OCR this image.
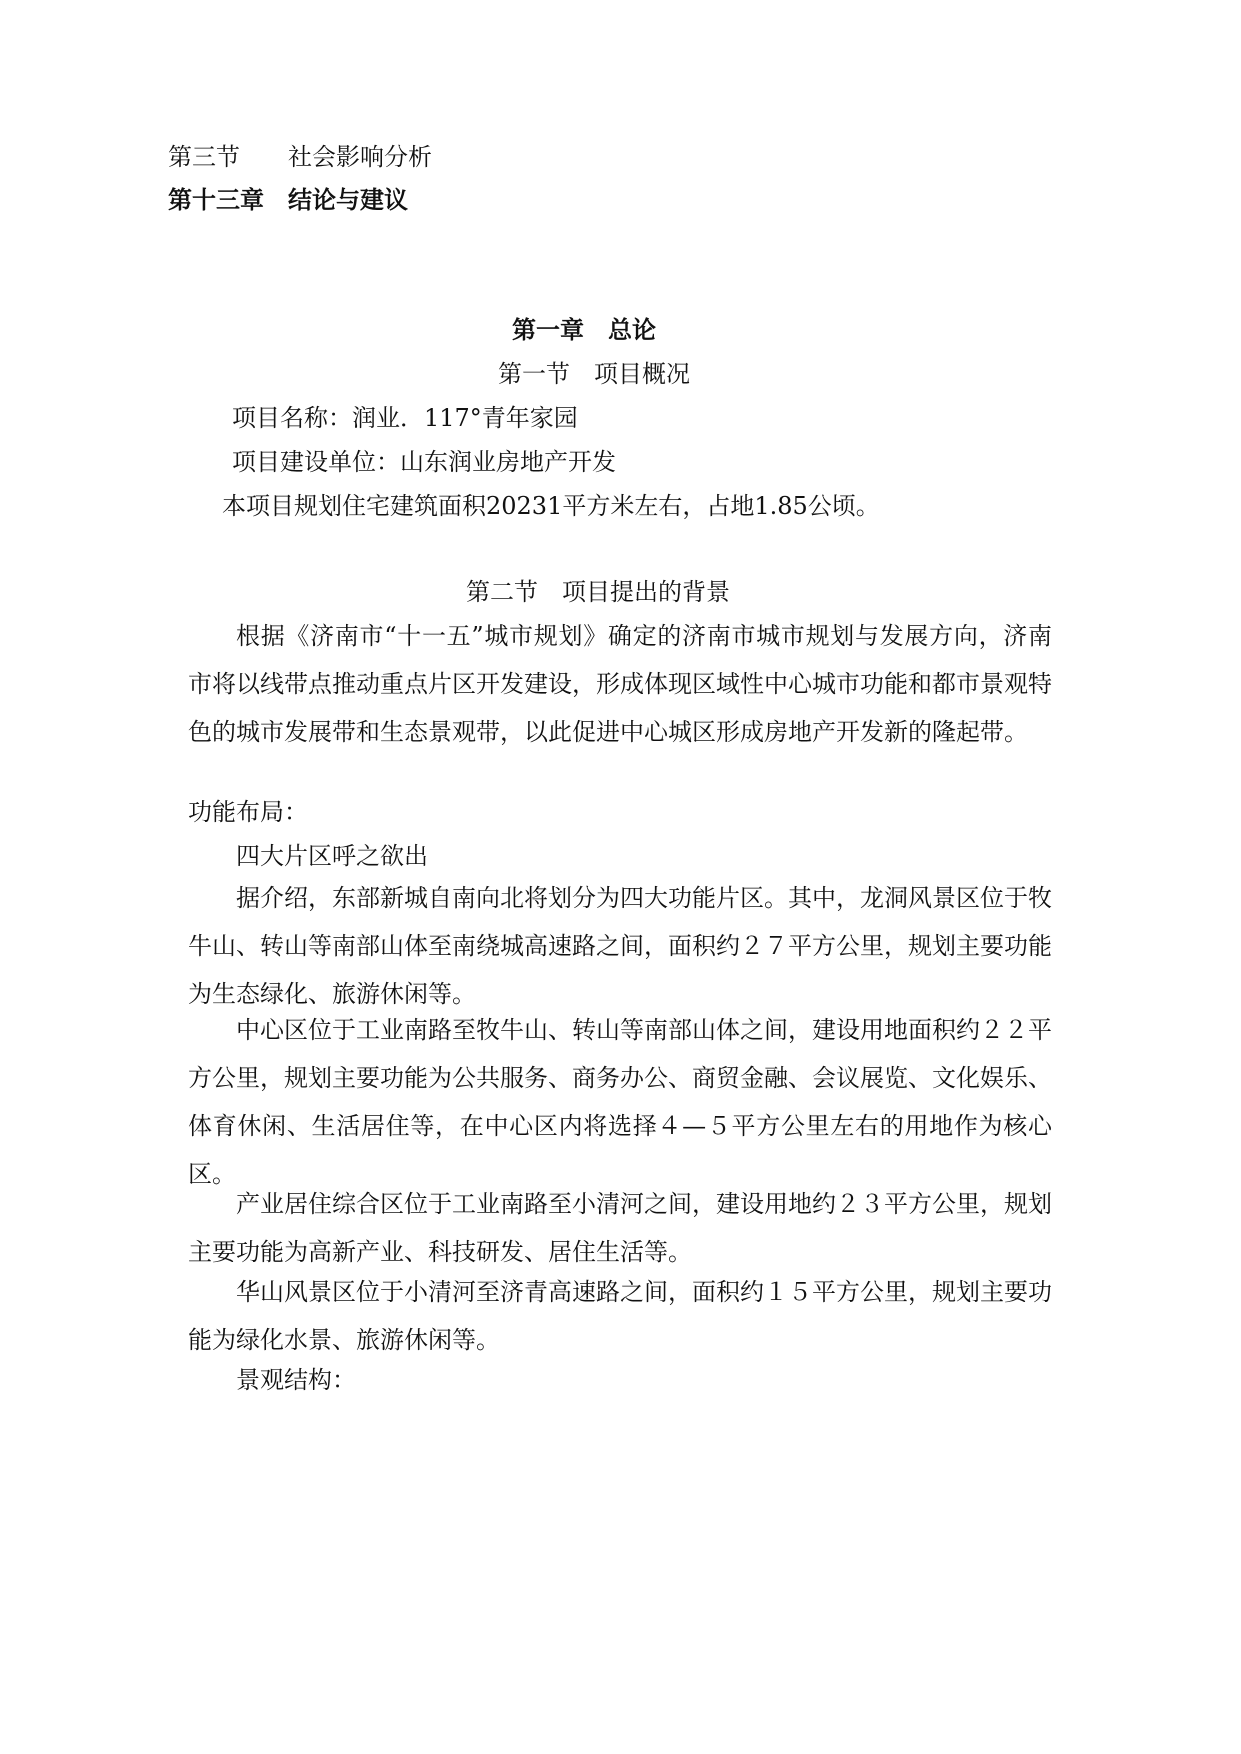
第三节　　社会影响分析
第十三章　结论与建议
第一章　总论
第一节　项目概况
项目名称：润业．117°青年家园
项目建设单位：山东润业房地产开发
本项目规划住宅建筑面积20231平方米左右，占地1.85公顷。
第二节　项目提出的背景
根据《济南市“十一五”城市规划》确定的济南市城市规划与发展方向，济南市将以线带点推动重点片区开发建设，形成体现区域性中心城市功能和都市景观特色的城市发展带和生态景观带，以此促进中心城区形成房地产开发新的隆起带。
功能布局：
四大片区呼之欲出
据介绍，东部新城自南向北将划分为四大功能片区。其中，龙洞风景区位于牧牛山、转山等南部山体至南绕城高速路之间，面积约２７平方公里，规划主要功能为生态绿化、旅游休闲等。
中心区位于工业南路至牧牛山、转山等南部山体之间，建设用地面积约２２平方公里，规划主要功能为公共服务、商务办公、商贸金融、会议展览、文化娱乐、体育休闲、生活居住等，在中心区内将选择４—５平方公里左右的用地作为核心区。
产业居住综合区位于工业南路至小清河之间，建设用地约２３平方公里，规划主要功能为高新产业、科技研发、居住生活等。
华山风景区位于小清河至济青高速路之间，面积约１５平方公里，规划主要功能为绿化水景、旅游休闲等。
景观结构：
